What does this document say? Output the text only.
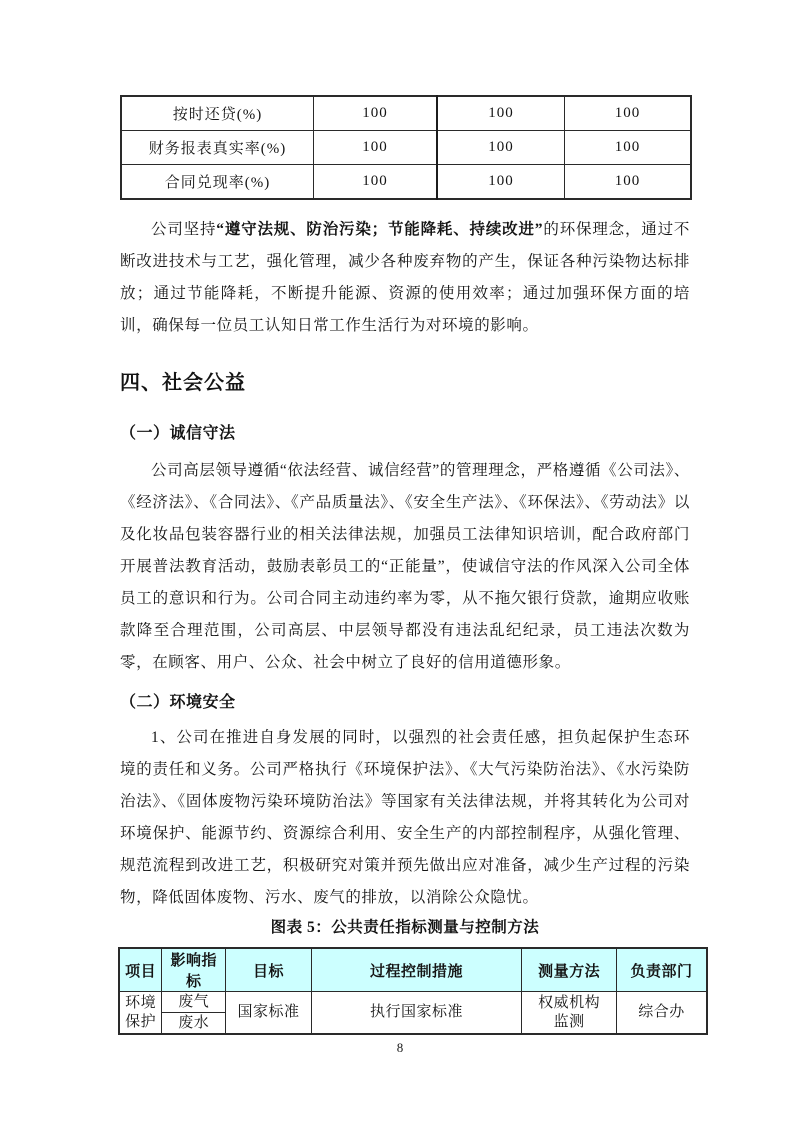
按时还贷(%)	100	100	100
财务报表真实率(%)	100	100	100
合同兑现率(%)	100	100	100

公司坚持“遵守法规、防治污染；节能降耗、持续改进”的环保理念，通过不断改进技术与工艺，强化管理，减少各种废弃物的产生，保证各种污染物达标排放；通过节能降耗，不断提升能源、资源的使用效率；通过加强环保方面的培训，确保每一位员工认知日常工作生活行为对环境的影响。

四、社会公益
（一）诚信守法

公司高层领导遵循“依法经营、诚信经营”的管理理念，严格遵循《公司法》、《经济法》、《合同法》、《产品质量法》、《安全生产法》、《环保法》、《劳动法》以及化妆品包装容器行业的相关法律法规，加强员工法律知识培训，配合政府部门开展普法教育活动，鼓励表彰员工的“正能量”，使诚信守法的作风深入公司全体员工的意识和行为。公司合同主动违约率为零，从不拖欠银行贷款，逾期应收账款降至合理范围，公司高层、中层领导都没有违法乱纪纪录，员工违法次数为零，在顾客、用户、公众、社会中树立了良好的信用道德形象。

（二）环境安全

1、公司在推进自身发展的同时，以强烈的社会责任感，担负起保护生态环境的责任和义务。公司严格执行《环境保护法》、《大气污染防治法》、《水污染防治法》、《固体废物污染环境防治法》等国家有关法律法规，并将其转化为公司对环境保护、能源节约、资源综合利用、安全生产的内部控制程序，从强化管理、规范流程到改进工艺，积极研究对策并预先做出应对准备，减少生产过程的污染物，降低固体废物、污水、废气的排放，以消除公众隐忧。

图表 5：公共责任指标测量与控制方法
项目	影响指标	目标	过程控制措施	测量方法	负责部门
环境保护	废气	国家标准	执行国家标准	权威机构监测	综合办
	废水				
8
